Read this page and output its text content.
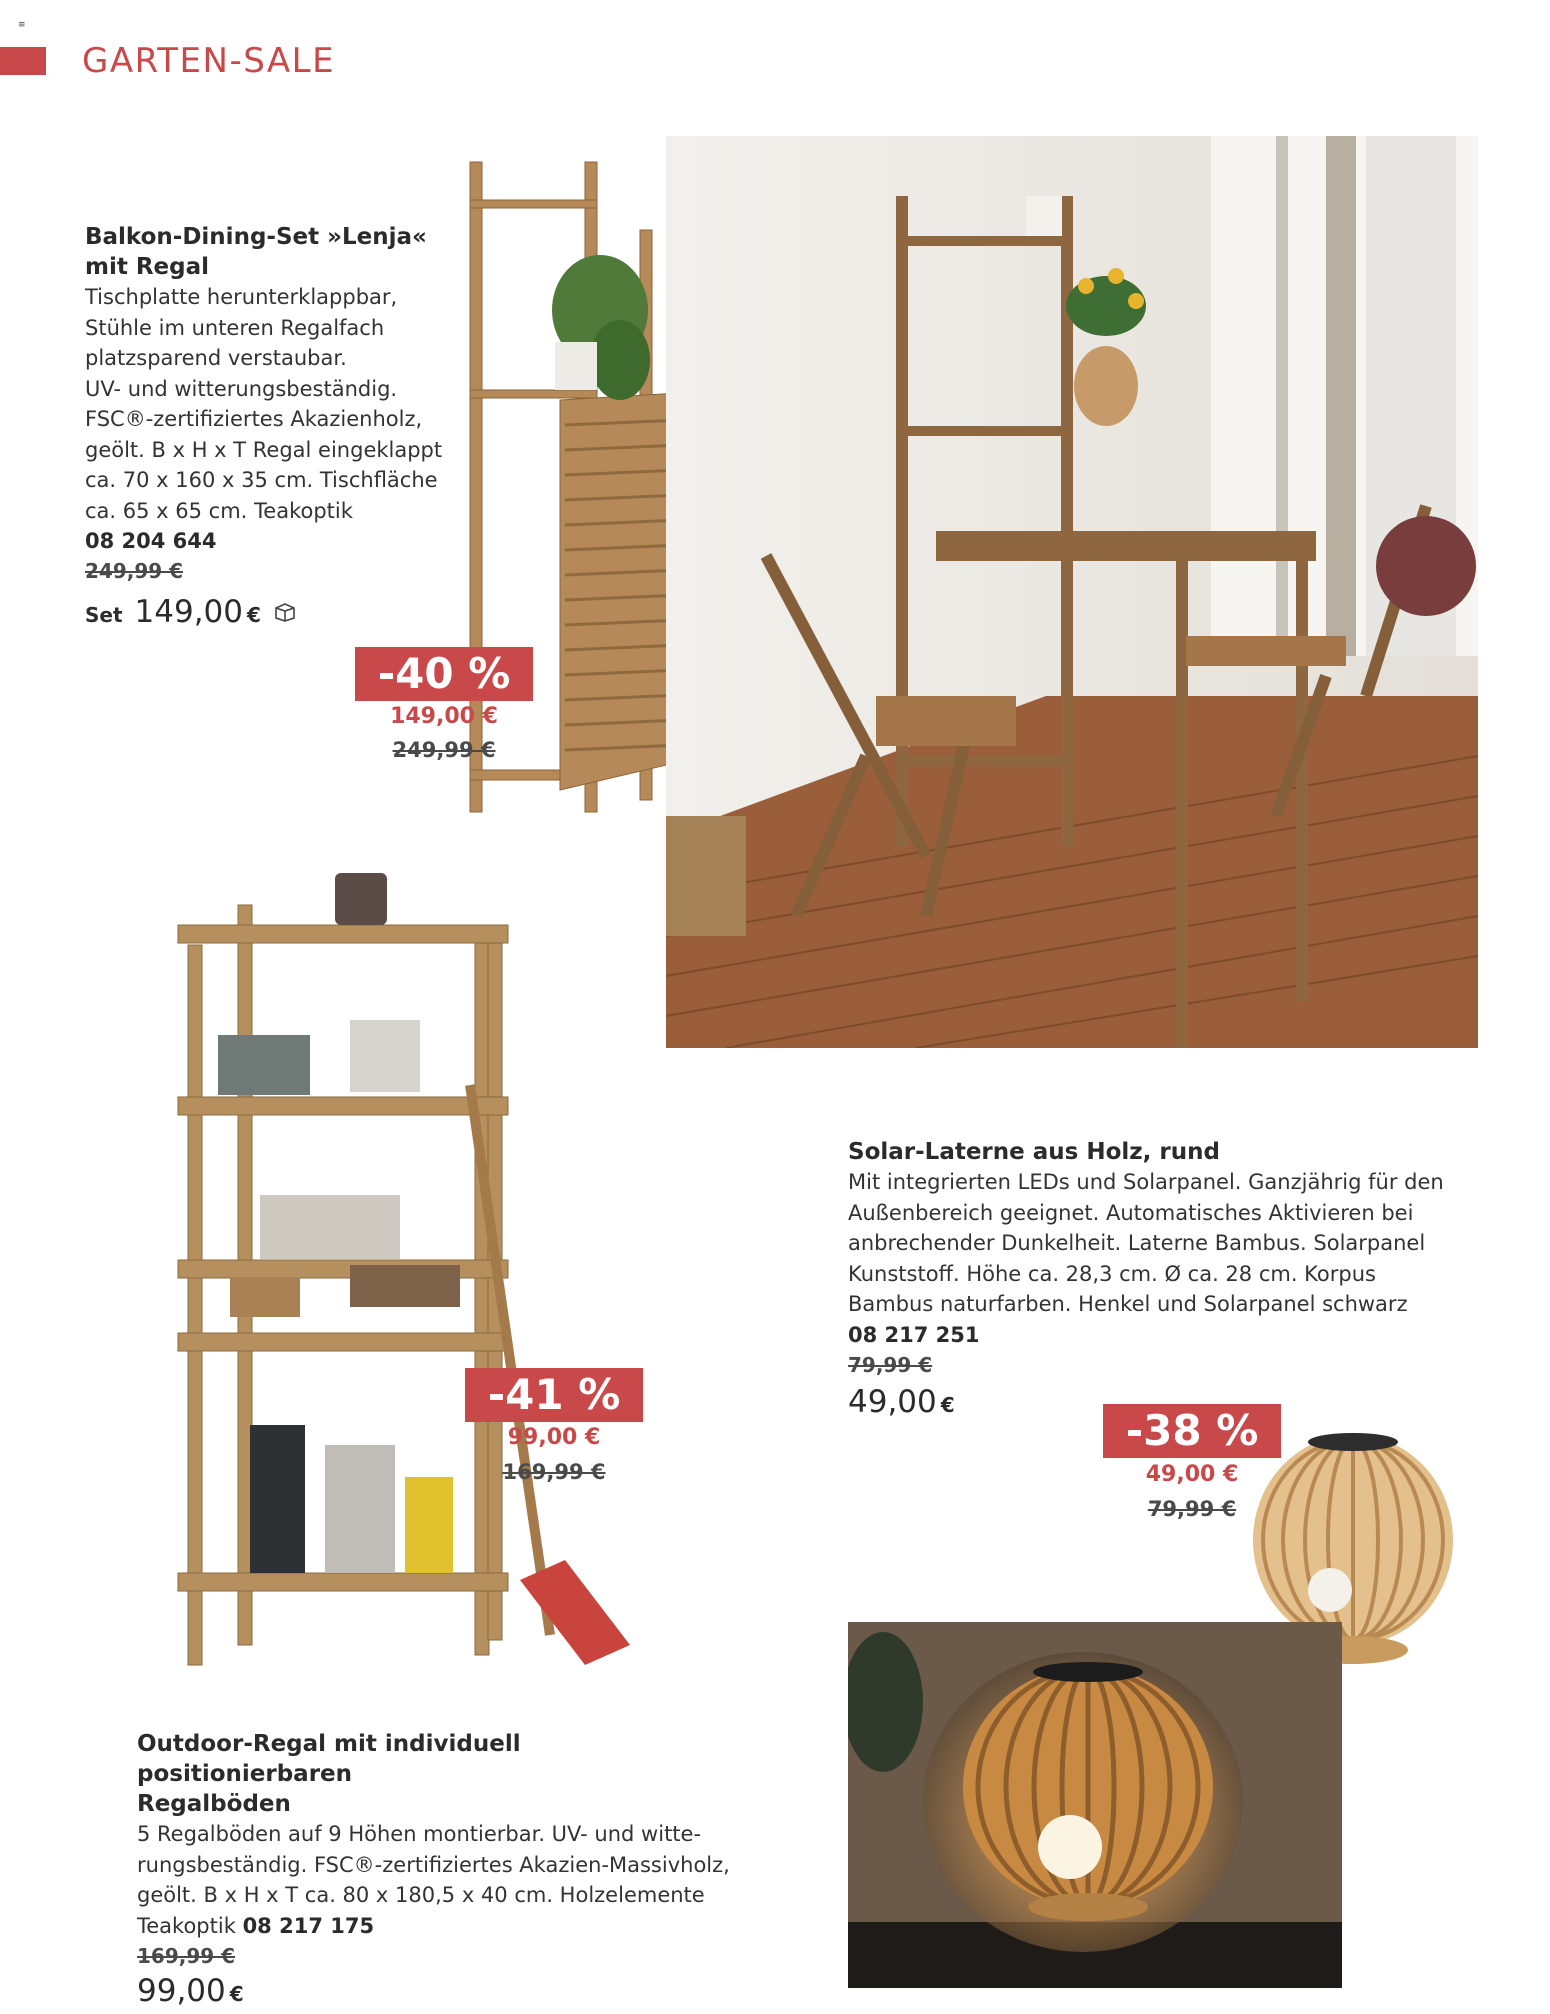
≡
GARTEN-SALE
Balkon-Dining-Set »Lenja«
mit Regal
Tischplatte herunterklappbar,
Stühle im unteren Regalfach
platzsparend verstaubar.
UV- und witterungsbeständig.
FSC®-zertifiziertes Akazienholz,
geölt. B x H x T Regal eingeklappt
ca. 70 x 160 x 35 cm. Tischfläche
ca. 65 x 65 cm. Teakoptik
08 204 644
249,99 €
Set 149,00 €
-40 %
149,00 €
249,99 €
-41 %
99,00 €
169,99 €
Outdoor-Regal mit individuell positionierbaren
Regalböden
5 Regalböden auf 9 Höhen montierbar. UV- und witte-
rungsbeständig. FSC®-zertifiziertes Akazien-Massivholz,
geölt. B x H x T ca. 80 x 180,5 x 40 cm. Holzelemente
Teakoptik 08 217 175
169,99 €
99,00 €
Solar-Laterne aus Holz, rund
Mit integrierten LEDs und Solarpanel. Ganzjährig für den
Außenbereich geeignet. Automatisches Aktivieren bei
anbrechender Dunkelheit. Laterne Bambus. Solarpanel
Kunststoff. Höhe ca. 28,3 cm. Ø ca. 28 cm. Korpus
Bambus naturfarben. Henkel und Solarpanel schwarz
08 217 251
79,99 €
49,00 €
-38 %
49,00 €
79,99 €
